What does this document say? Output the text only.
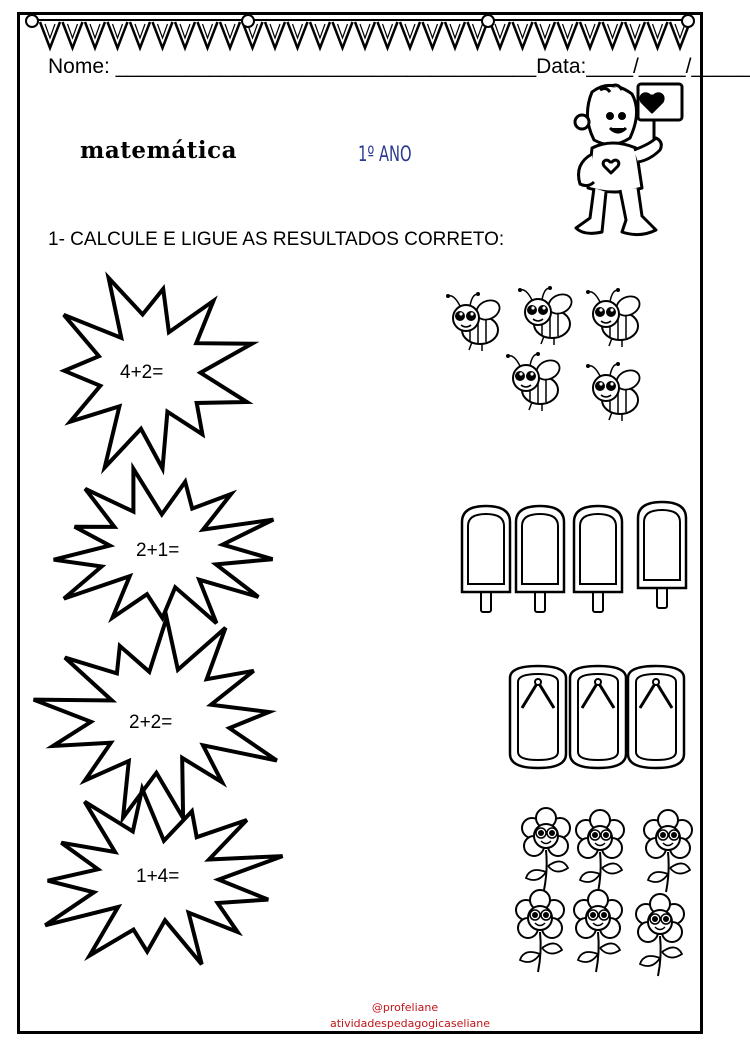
Nome: ____________________________________Data:____/____/_____
matemática	1º ANO
1- CALCULE E LIGUE AS RESULTADOS CORRETO:
4+2=
2+1=
2+2=
1+4=
@profeliane
atividadespedagogicaseliane
